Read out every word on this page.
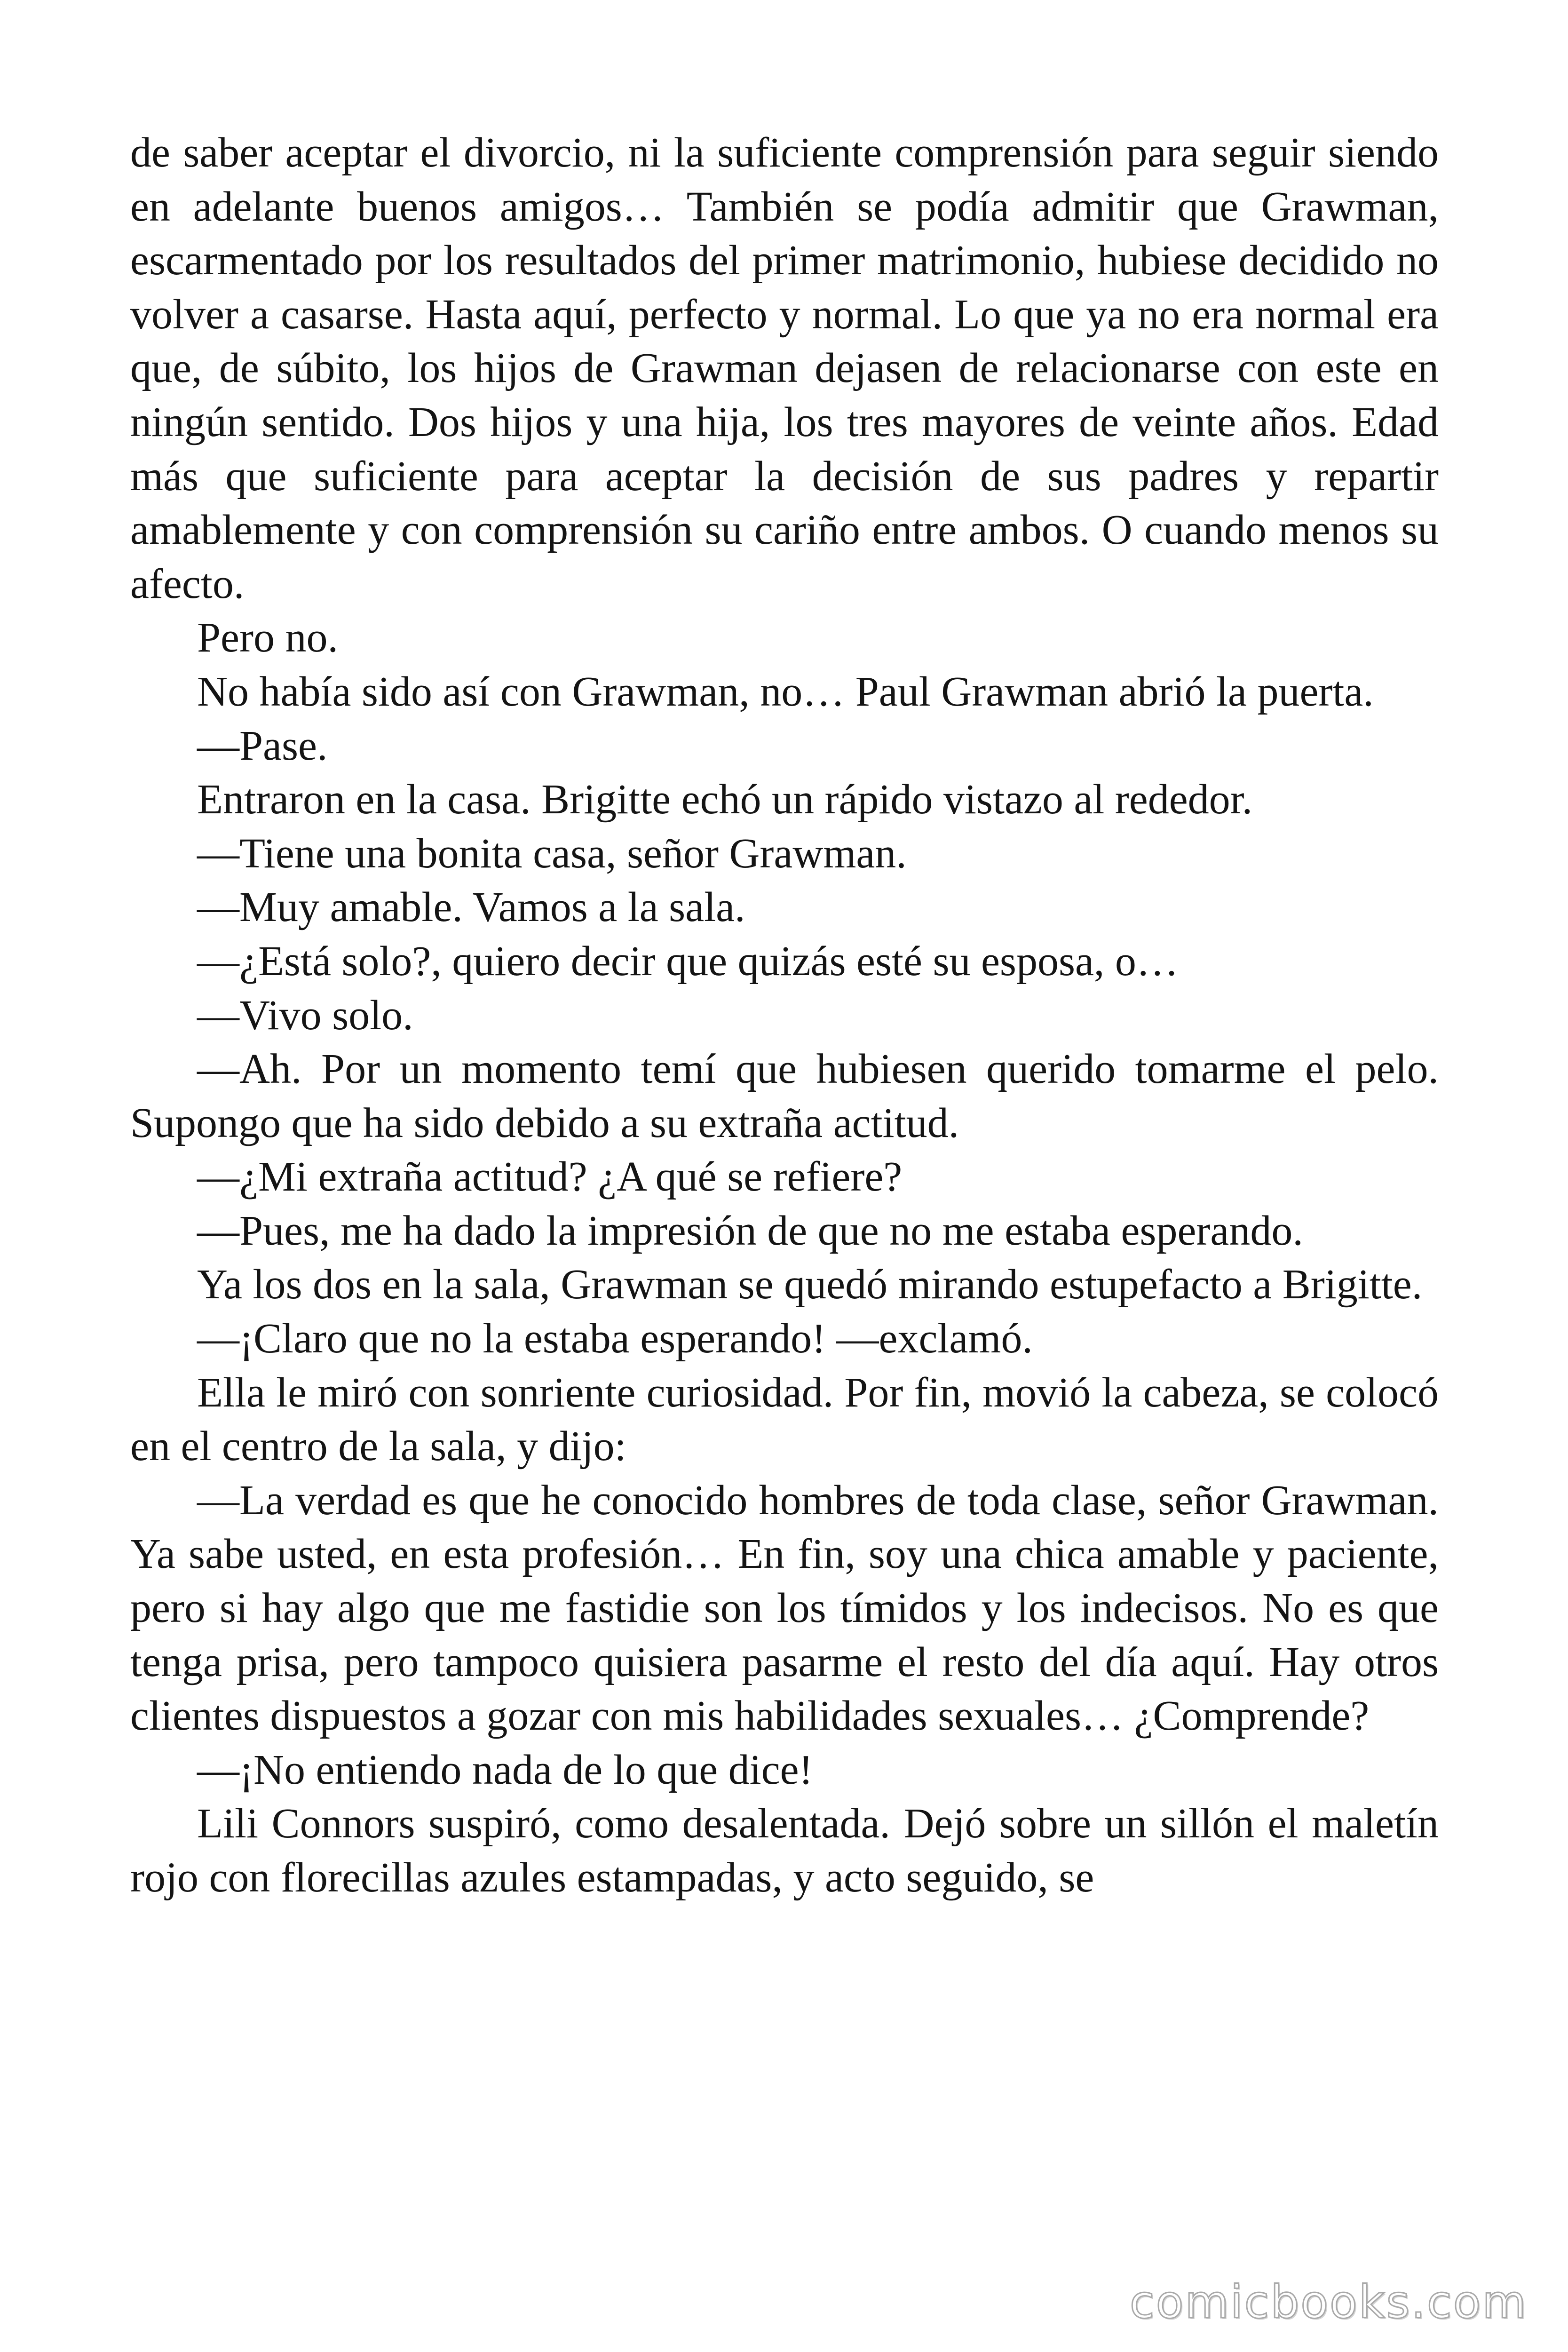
de saber aceptar el divorcio, ni la suficiente comprensión para seguir siendo en adelante buenos amigos… También se podía admitir que Grawman, escarmentado por los resultados del primer matrimonio, hubiese decidido no volver a casarse. Hasta aquí, perfecto y normal. Lo que ya no era normal era que, de súbito, los hijos de Grawman dejasen de relacionarse con este en ningún sentido. Dos hijos y una hija, los tres mayores de veinte años. Edad más que suficiente para aceptar la decisión de sus padres y repartir amablemente y con comprensión su cariño entre ambos. O cuando menos su afecto.

Pero no.

No había sido así con Grawman, no… Paul Grawman abrió la puerta.

—Pase.

Entraron en la casa. Brigitte echó un rápido vistazo al rededor.

—Tiene una bonita casa, señor Grawman.

—Muy amable. Vamos a la sala.

—¿Está solo?, quiero decir que quizás esté su esposa, o…

—Vivo solo.

—Ah. Por un momento temí que hubiesen querido tomarme el pelo. Supongo que ha sido debido a su extraña actitud.

—¿Mi extraña actitud? ¿A qué se refiere?

—Pues, me ha dado la impresión de que no me estaba esperando.

Ya los dos en la sala, Grawman se quedó mirando estupefacto a Brigitte.

—¡Claro que no la estaba esperando! —exclamó.

Ella le miró con sonriente curiosidad. Por fin, movió la cabeza, se colocó en el centro de la sala, y dijo:

—La verdad es que he conocido hombres de toda clase, señor Grawman. Ya sabe usted, en esta profesión… En fin, soy una chica amable y paciente, pero si hay algo que me fastidie son los tímidos y los indecisos. No es que tenga prisa, pero tampoco quisiera pasarme el resto del día aquí. Hay otros clientes dispuestos a gozar con mis habilidades sexuales… ¿Comprende?

—¡No entiendo nada de lo que dice!

Lili Connors suspiró, como desalentada. Dejó sobre un sillón el maletín rojo con florecillas azules estampadas, y acto seguido, se

comicbooks.com
